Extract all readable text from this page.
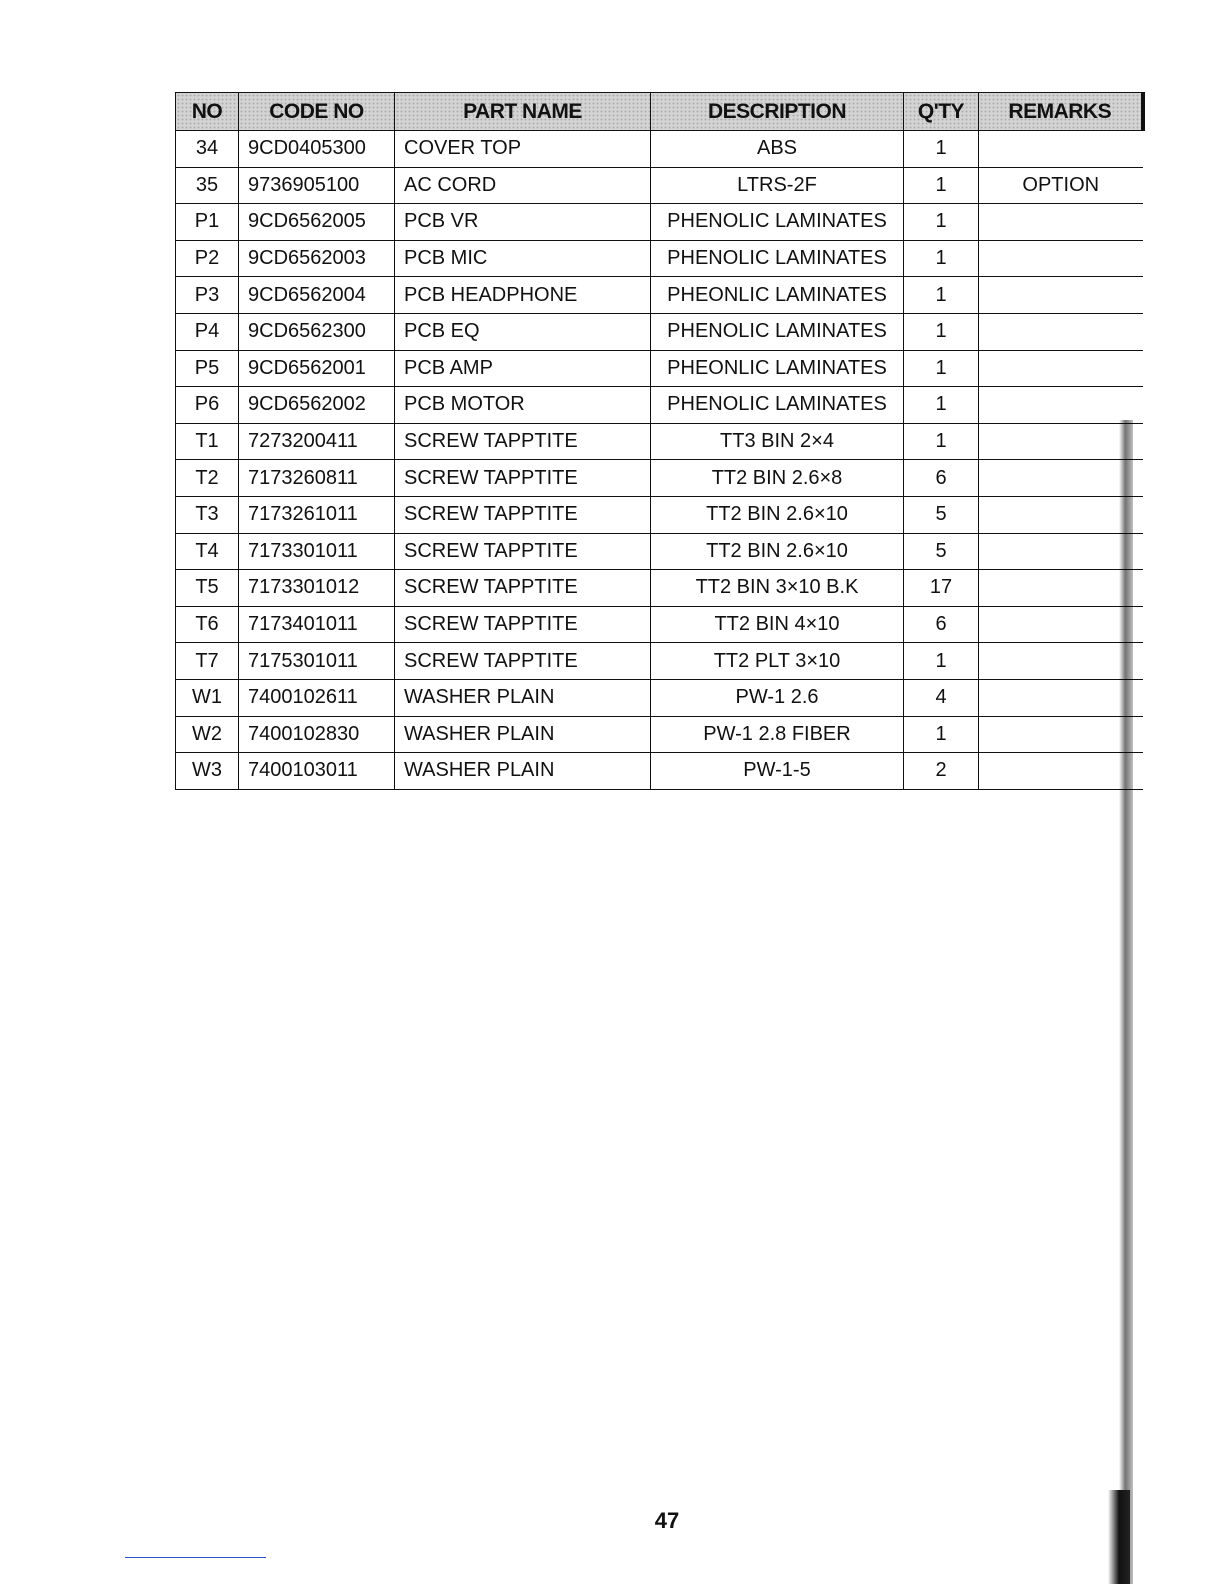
NO	CODE NO	PART NAME	DESCRIPTION	Q'TY	REMARKS
34	9CD0405300	COVER TOP	ABS	1	
35	9736905100	AC CORD	LTRS-2F	1	OPTION
P1	9CD6562005	PCB VR	PHENOLIC LAMINATES	1	
P2	9CD6562003	PCB MIC	PHENOLIC LAMINATES	1	
P3	9CD6562004	PCB HEADPHONE	PHEONLIC LAMINATES	1	
P4	9CD6562300	PCB EQ	PHENOLIC LAMINATES	1	
P5	9CD6562001	PCB AMP	PHEONLIC LAMINATES	1	
P6	9CD6562002	PCB MOTOR	PHENOLIC LAMINATES	1	
T1	7273200411	SCREW TAPPTITE	TT3 BIN 2×4	1	
T2	7173260811	SCREW TAPPTITE	TT2 BIN 2.6×8	6	
T3	7173261011	SCREW TAPPTITE	TT2 BIN 2.6×10	5	
T4	7173301011	SCREW TAPPTITE	TT2 BIN 2.6×10	5	
T5	7173301012	SCREW TAPPTITE	TT2 BIN 3×10 B.K	17	
T6	7173401011	SCREW TAPPTITE	TT2 BIN 4×10	6	
T7	7175301011	SCREW TAPPTITE	TT2 PLT 3×10	1	
W1	7400102611	WASHER PLAIN	PW-1 2.6	4	
W2	7400102830	WASHER PLAIN	PW-1 2.8 FIBER	1	
W3	7400103011	WASHER PLAIN	PW-1-5	2	
47
